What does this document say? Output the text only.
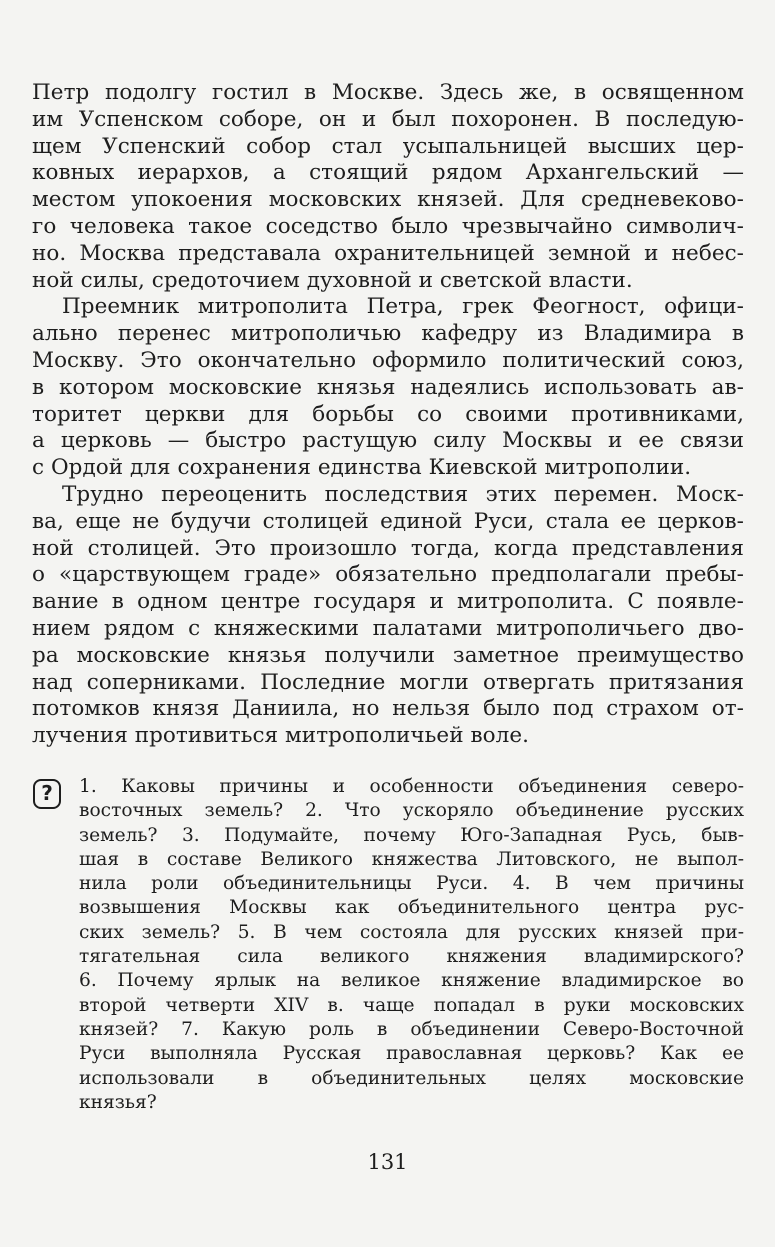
Петр подолгу гостил в Москве. Здесь же, в освященном
им Успенском соборе, он и был похоронен. В последую-
щем Успенский собор стал усыпальницей высших цер-
ковных иерархов, а стоящий рядом Архангельский —
местом упокоения московских князей. Для средневеково-
го человека такое соседство было чрезвычайно символич-
но. Москва представала охранительницей земной и небес-
ной силы, средоточием духовной и светской власти.
Преемник митрополита Петра, грек Феогност, офици-
ально перенес митрополичью кафедру из Владимира в
Москву. Это окончательно оформило политический союз,
в котором московские князья надеялись использовать ав-
торитет церкви для борьбы со своими противниками,
а церковь — быстро растущую силу Москвы и ее связи
с Ордой для сохранения единства Киевской митрополии.
Трудно переоценить последствия этих перемен. Моск-
ва, еще не будучи столицей единой Руси, стала ее церков-
ной столицей. Это произошло тогда, когда представления
о «царствующем граде» обязательно предполагали пребы-
вание в одном центре государя и митрополита. С появле-
нием рядом с княжескими палатами митрополичьего дво-
ра московские князья получили заметное преимущество
над соперниками. Последние могли отвергать притязания
потомков князя Даниила, но нельзя было под страхом от-
лучения противиться митрополичьей воле.
?	1. Каковы причины и особенности объединения северо-
восточных земель? 2. Что ускоряло объединение русских
земель? 3. Подумайте, почему Юго-Западная Русь, быв-
шая в составе Великого княжества Литовского, не выпол-
нила роли объединительницы Руси. 4. В чем причины
возвышения Москвы как объединительного центра рус-
ских земель? 5. В чем состояла для русских князей при-
тягательная сила великого княжения владимирского?
6. Почему ярлык на великое княжение владимирское во
второй четверти XIV в. чаще попадал в руки московских
князей? 7. Какую роль в объединении Северо-Восточной
Руси выполняла Русская православная церковь? Как ее
использовали в объединительных целях московские
князья?
131
